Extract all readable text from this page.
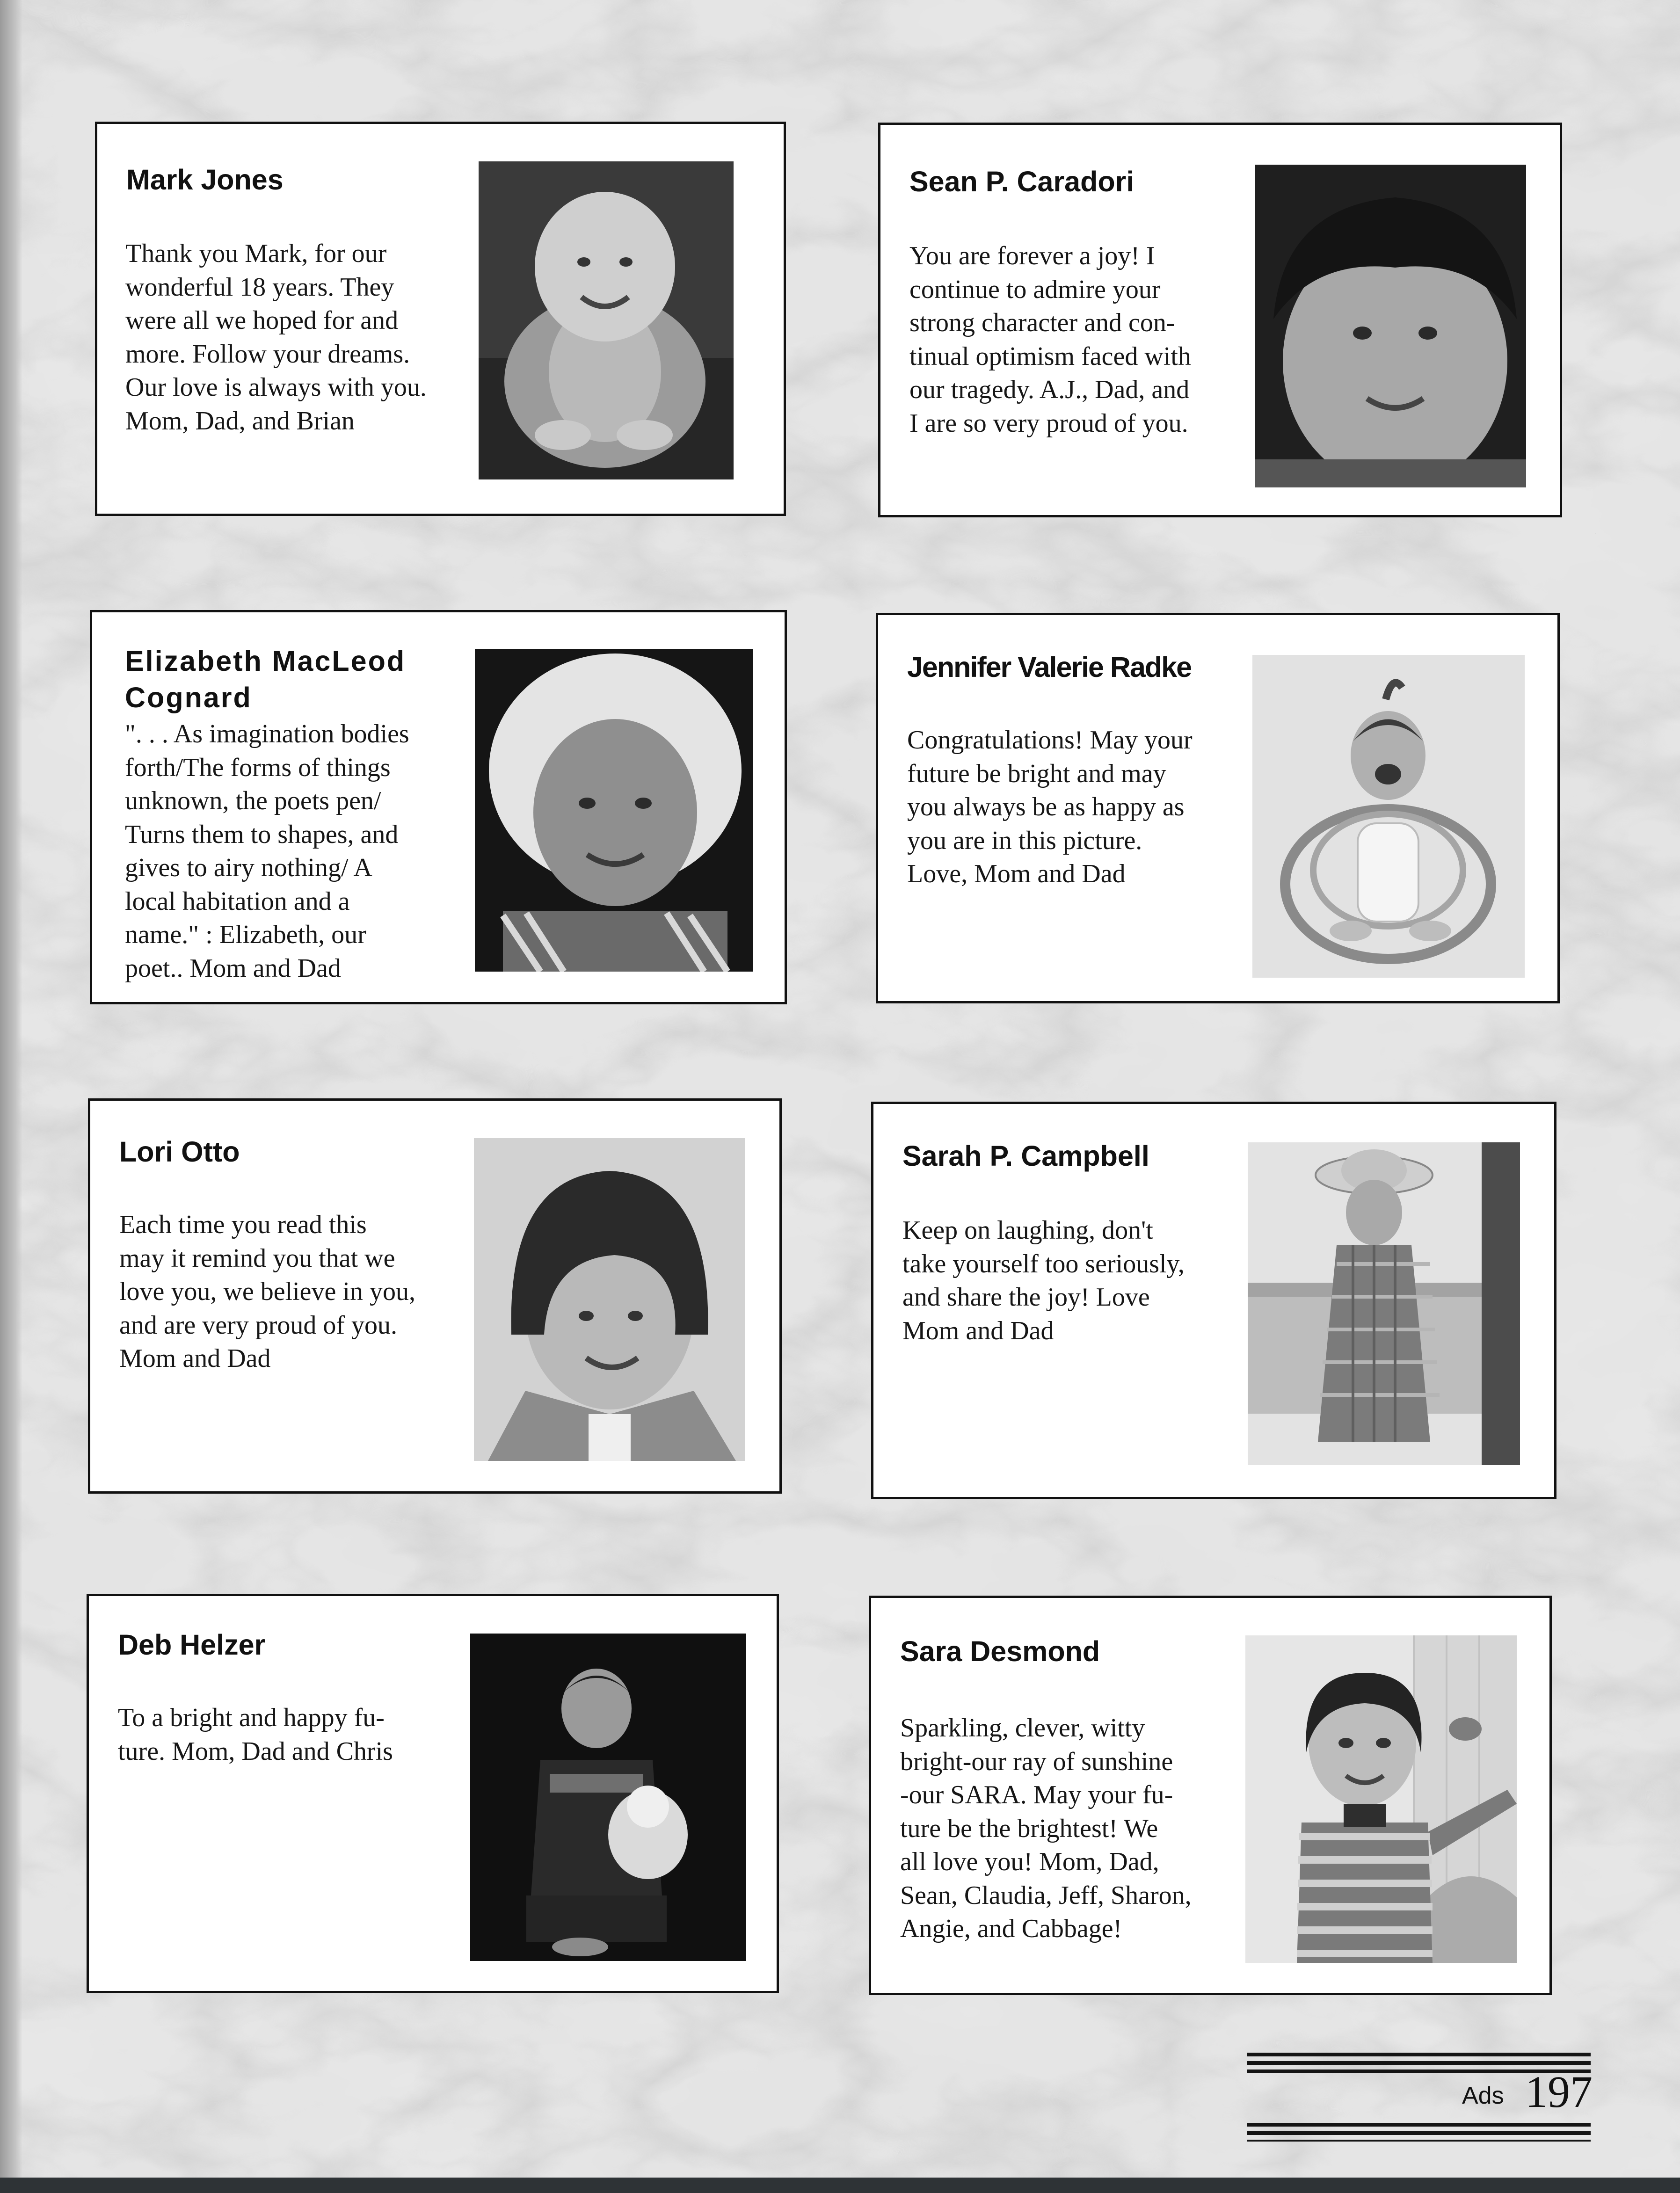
Mark Jones
Thank you Mark, for our
wonderful 18 years. They
were all we hoped for and
more. Follow your dreams.
Our love is always with you.
Mom, Dad, and Brian
Sean P. Caradori
You are forever a joy! I
continue to admire your
strong character and con-
tinual optimism faced with
our tragedy. A.J., Dad, and
I are so very proud of you.
Elizabeth MacLeod Cognard
". . . As imagination bodies
forth/The forms of things
unknown, the poets pen/
Turns them to shapes, and
gives to airy nothing/ A
local habitation and a
name." : Elizabeth, our
poet.. Mom and Dad
Jennifer Valerie Radke
Congratulations! May your
future be bright and may
you always be as happy as
you are in this picture.
Love, Mom and Dad
Lori Otto
Each time you read this
may it remind you that we
love you, we believe in you,
and are very proud of you.
Mom and Dad
Sarah P. Campbell
Keep on laughing, don't
take yourself too seriously,
and share the joy! Love
Mom and Dad
Deb Helzer
To a bright and happy fu-
ture. Mom, Dad and Chris
Sara Desmond
Sparkling, clever, witty
bright-our ray of sunshine
-our SARA. May your fu-
ture be the brightest! We
all love you! Mom, Dad,
Sean, Claudia, Jeff, Sharon,
Angie, and Cabbage!
Ads 197
